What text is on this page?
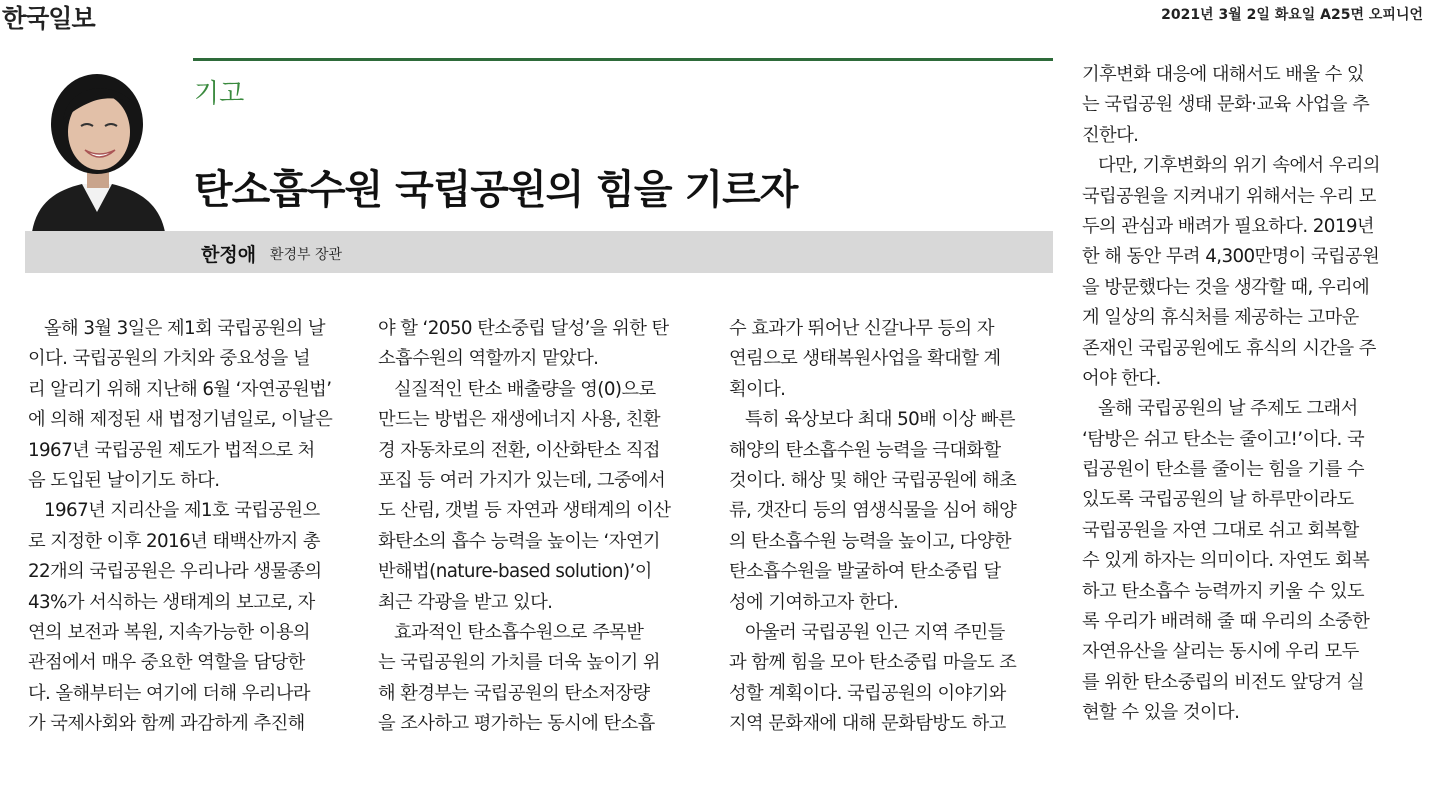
한국일보	2021년 3월 2일 화요일 A25면 오피니언
기고
탄소흡수원 국립공원의 힘을 기르자
한정애 환경부 장관
올해 3월 3일은 제1회 국립공원의 날
이다. 국립공원의 가치와 중요성을 널
리 알리기 위해 지난해 6월 ‘자연공원법’
에 의해 제정된 새 법정기념일로, 이날은
1967년 국립공원 제도가 법적으로 처
음 도입된 날이기도 하다.
1967년 지리산을 제1호 국립공원으
로 지정한 이후 2016년 태백산까지 총
22개의 국립공원은 우리나라 생물종의
43%가 서식하는 생태계의 보고로, 자
연의 보전과 복원, 지속가능한 이용의
관점에서 매우 중요한 역할을 담당한
다. 올해부터는 여기에 더해 우리나라
가 국제사회와 함께 과감하게 추진해
야 할 ‘2050 탄소중립 달성’을 위한 탄
소흡수원의 역할까지 맡았다.
실질적인 탄소 배출량을 영(0)으로
만드는 방법은 재생에너지 사용, 친환
경 자동차로의 전환, 이산화탄소 직접
포집 등 여러 가지가 있는데, 그중에서
도 산림, 갯벌 등 자연과 생태계의 이산
화탄소의 흡수 능력을 높이는 ‘자연기
반해법(nature-based solution)’이
최근 각광을 받고 있다.
효과적인 탄소흡수원으로 주목받
는 국립공원의 가치를 더욱 높이기 위
해 환경부는 국립공원의 탄소저장량
을 조사하고 평가하는 동시에 탄소흡
수 효과가 뛰어난 신갈나무 등의 자
연림으로 생태복원사업을 확대할 계
획이다.
특히 육상보다 최대 50배 이상 빠른
해양의 탄소흡수원 능력을 극대화할
것이다. 해상 및 해안 국립공원에 해초
류, 갯잔디 등의 염생식물을 심어 해양
의 탄소흡수원 능력을 높이고, 다양한
탄소흡수원을 발굴하여 탄소중립 달
성에 기여하고자 한다.
아울러 국립공원 인근 지역 주민들
과 함께 힘을 모아 탄소중립 마을도 조
성할 계획이다. 국립공원의 이야기와
지역 문화재에 대해 문화탐방도 하고
기후변화 대응에 대해서도 배울 수 있
는 국립공원 생태 문화·교육 사업을 추
진한다.
다만, 기후변화의 위기 속에서 우리의
국립공원을 지켜내기 위해서는 우리 모
두의 관심과 배려가 필요하다. 2019년
한 해 동안 무려 4,300만명이 국립공원
을 방문했다는 것을 생각할 때, 우리에
게 일상의 휴식처를 제공하는 고마운
존재인 국립공원에도 휴식의 시간을 주
어야 한다.
올해 국립공원의 날 주제도 그래서
‘탐방은 쉬고 탄소는 줄이고!’이다. 국
립공원이 탄소를 줄이는 힘을 기를 수
있도록 국립공원의 날 하루만이라도
국립공원을 자연 그대로 쉬고 회복할
수 있게 하자는 의미이다. 자연도 회복
하고 탄소흡수 능력까지 키울 수 있도
록 우리가 배려해 줄 때 우리의 소중한
자연유산을 살리는 동시에 우리 모두
를 위한 탄소중립의 비전도 앞당겨 실
현할 수 있을 것이다.
